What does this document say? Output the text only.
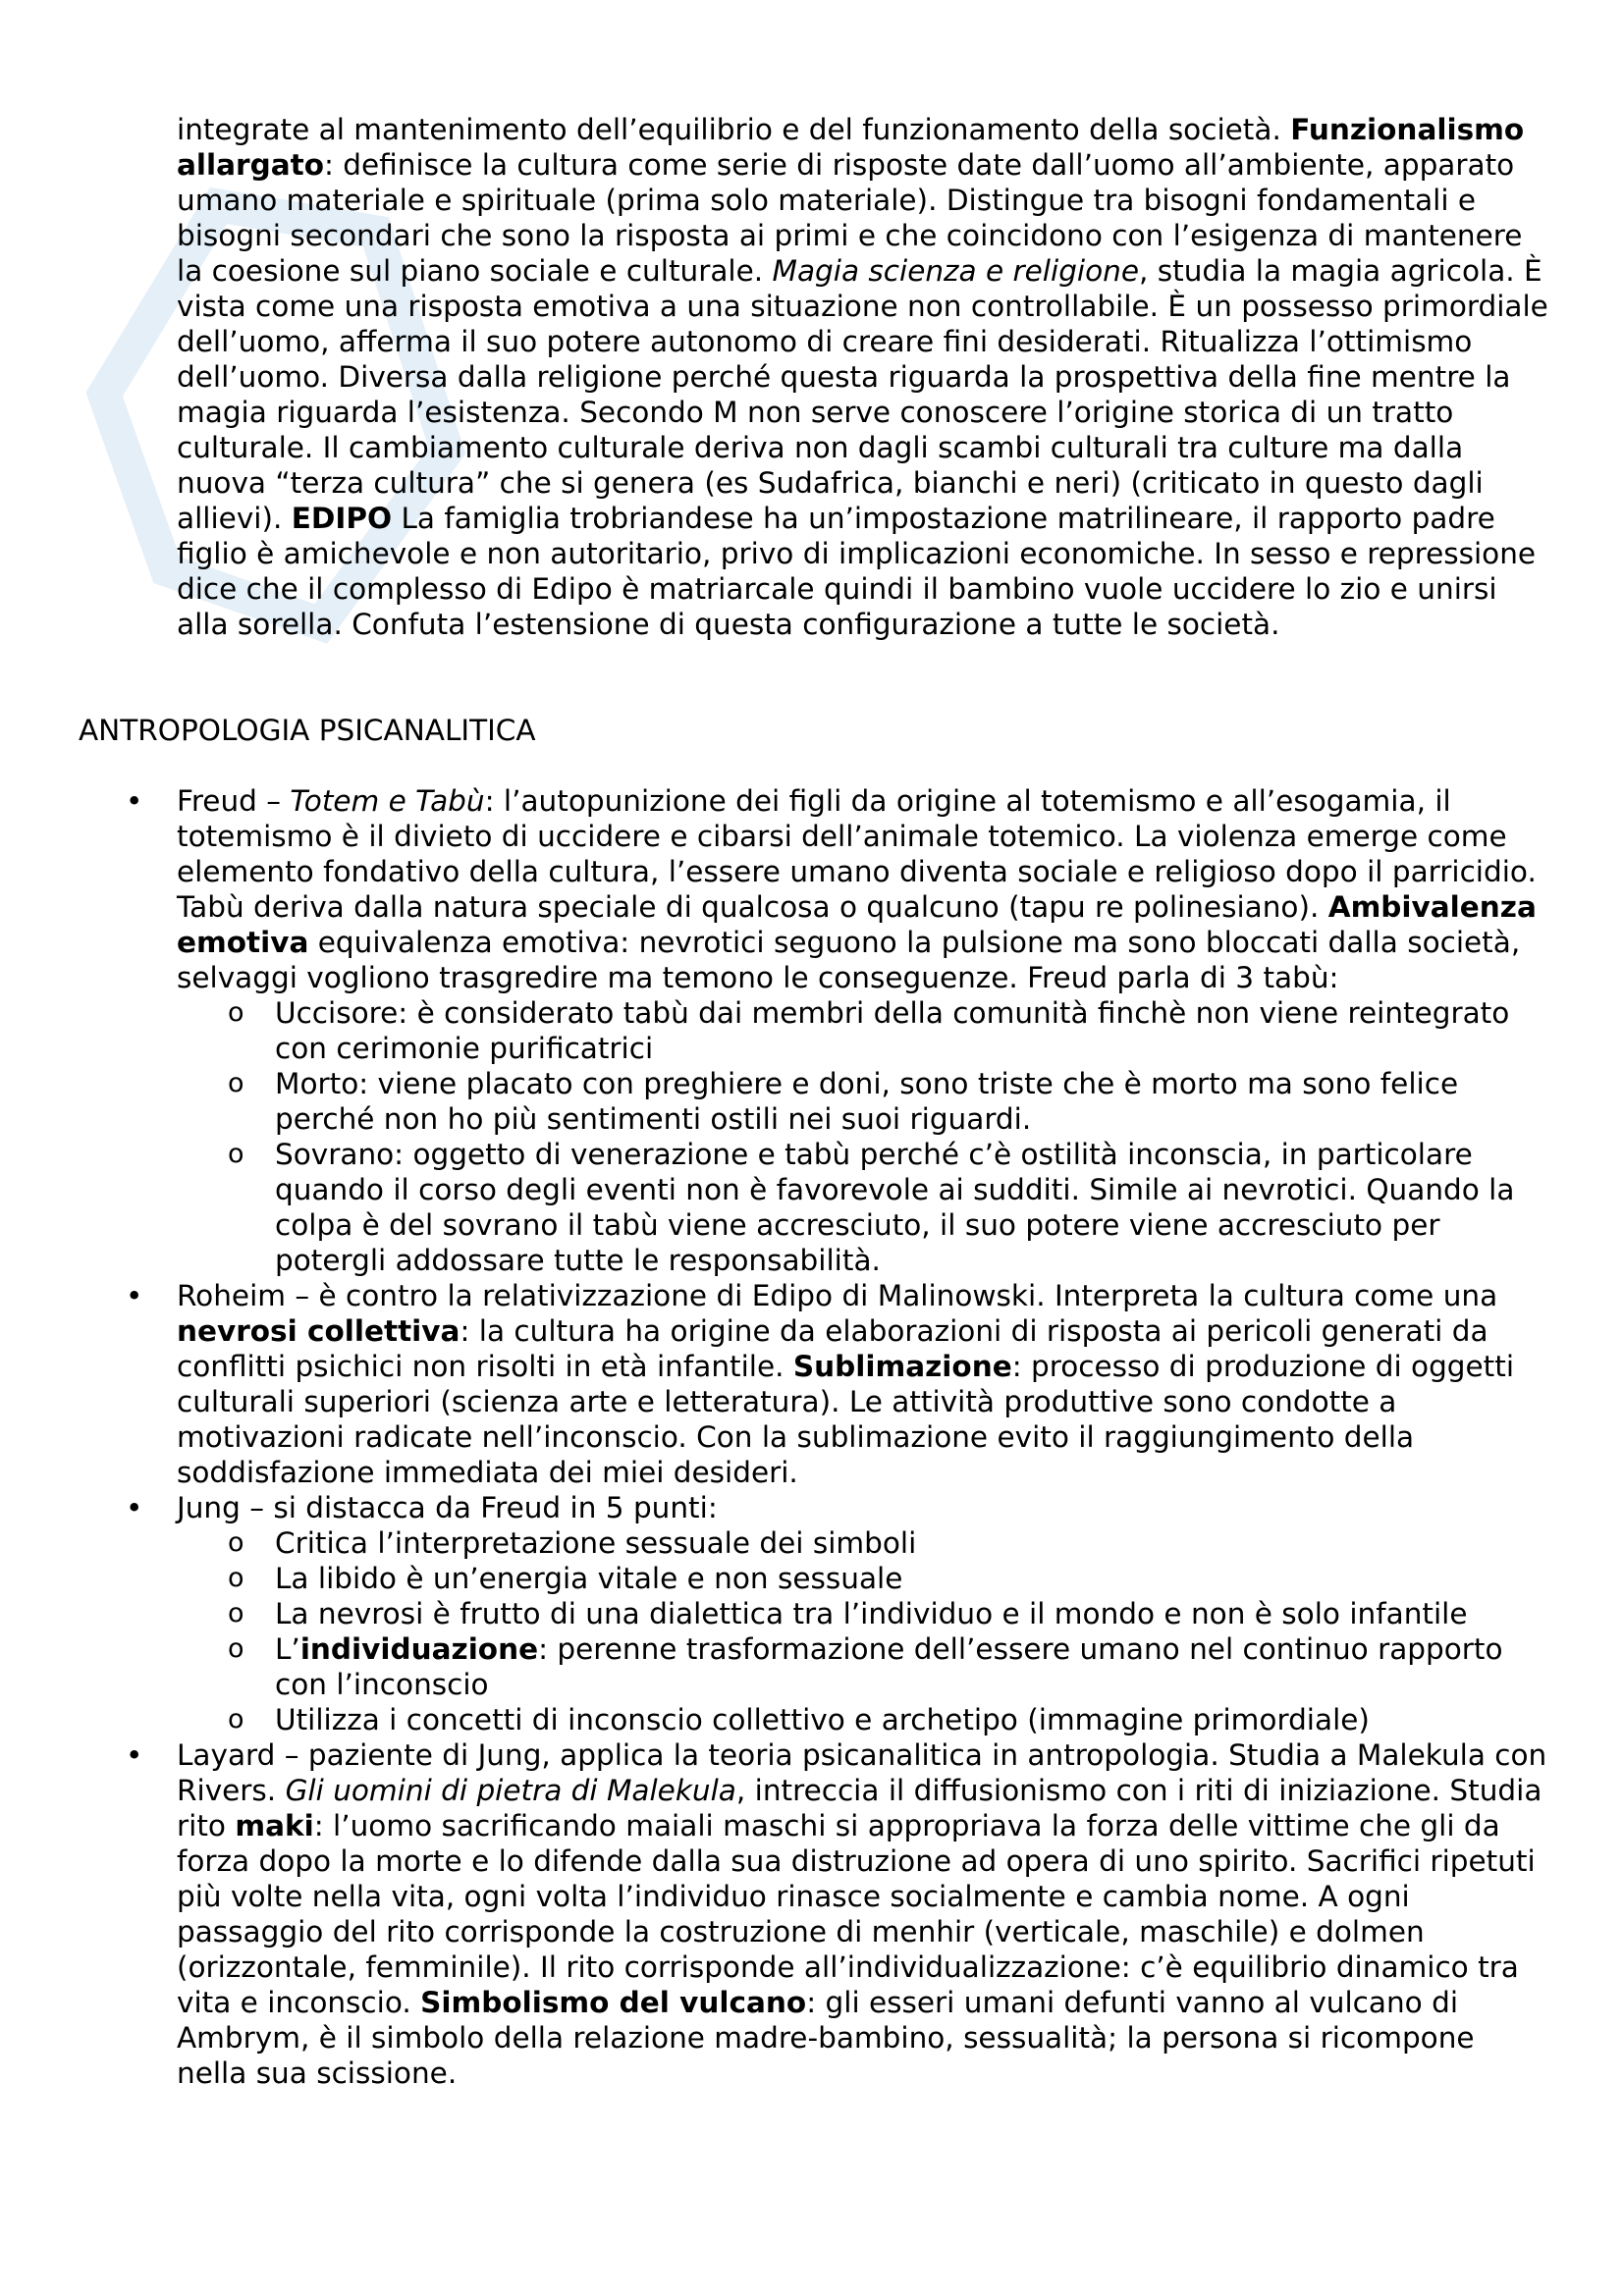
integrate al mantenimento dell’equilibrio e del funzionamento della società. Funzionalismo allargato: definisce la cultura come serie di risposte date dall’uomo all’ambiente, apparato umano materiale e spirituale (prima solo materiale). Distingue tra bisogni fondamentali e bisogni secondari che sono la risposta ai primi e che coincidono con l’esigenza di mantenere la coesione sul piano sociale e culturale. Magia scienza e religione, studia la magia agricola. È vista come una risposta emotiva a una situazione non controllabile. È un possesso primordiale dell’uomo, afferma il suo potere autonomo di creare fini desiderati. Ritualizza l’ottimismo dell’uomo. Diversa dalla religione perché questa riguarda la prospettiva della fine mentre la magia riguarda l’esistenza. Secondo M non serve conoscere l’origine storica di un tratto culturale. Il cambiamento culturale deriva non dagli scambi culturali tra culture ma dalla nuova “terza cultura” che si genera (es Sudafrica, bianchi e neri) (criticato in questo dagli allievi). EDIPO La famiglia trobriandese ha un’impostazione matrilineare, il rapporto padre figlio è amichevole e non autoritario, privo di implicazioni economiche. In sesso e repressione dice che il complesso di Edipo è matriarcale quindi il bambino vuole uccidere lo zio e unirsi alla sorella. Confuta l’estensione di questa configurazione a tutte le società.

ANTROPOLOGIA PSICANALITICA

• Freud – Totem e Tabù: l’autopunizione dei figli da origine al totemismo e all’esogamia, il totemismo è il divieto di uccidere e cibarsi dell’animale totemico. La violenza emerge come elemento fondativo della cultura, l’essere umano diventa sociale e religioso dopo il parricidio. Tabù deriva dalla natura speciale di qualcosa o qualcuno (tapu re polinesiano). Ambivalenza emotiva equivalenza emotiva: nevrotici seguono la pulsione ma sono bloccati dalla società, selvaggi vogliono trasgredire ma temono le conseguenze. Freud parla di 3 tabù:

o Uccisore: è considerato tabù dai membri della comunità finchè non viene reintegrato con cerimonie purificatrici
o Morto: viene placato con preghiere e doni, sono triste che è morto ma sono felice perché non ho più sentimenti ostili nei suoi riguardi.
o Sovrano: oggetto di venerazione e tabù perché c’è ostilità inconscia, in particolare quando il corso degli eventi non è favorevole ai sudditi. Simile ai nevrotici. Quando la colpa è del sovrano il tabù viene accresciuto, il suo potere viene accresciuto per potergli addossare tutte le responsabilità.

• Roheim – è contro la relativizzazione di Edipo di Malinowski. Interpreta la cultura come una nevrosi collettiva: la cultura ha origine da elaborazioni di risposta ai pericoli generati da conflitti psichici non risolti in età infantile. Sublimazione: processo di produzione di oggetti culturali superiori (scienza arte e letteratura). Le attività produttive sono condotte a motivazioni radicate nell’inconscio. Con la sublimazione evito il raggiungimento della soddisfazione immediata dei miei desideri.

• Jung – si distacca da Freud in 5 punti:

o Critica l’interpretazione sessuale dei simboli
o La libido è un’energia vitale e non sessuale
o La nevrosi è frutto di una dialettica tra l’individuo e il mondo e non è solo infantile
o L’individuazione: perenne trasformazione dell’essere umano nel continuo rapporto con l’inconscio
o Utilizza i concetti di inconscio collettivo e archetipo (immagine primordiale)

• Layard – paziente di Jung, applica la teoria psicanalitica in antropologia. Studia a Malekula con Rivers. Gli uomini di pietra di Malekula, intreccia il diffusionismo con i riti di iniziazione. Studia rito maki: l’uomo sacrificando maiali maschi si appropriava la forza delle vittime che gli da forza dopo la morte e lo difende dalla sua distruzione ad opera di uno spirito. Sacrifici ripetuti più volte nella vita, ogni volta l’individuo rinasce socialmente e cambia nome. A ogni passaggio del rito corrisponde la costruzione di menhir (verticale, maschile) e dolmen (orizzontale, femminile). Il rito corrisponde all’individualizzazione: c’è equilibrio dinamico tra vita e inconscio. Simbolismo del vulcano: gli esseri umani defunti vanno al vulcano di Ambrym, è il simbolo della relazione madre-bambino, sessualità; la persona si ricompone nella sua scissione.
